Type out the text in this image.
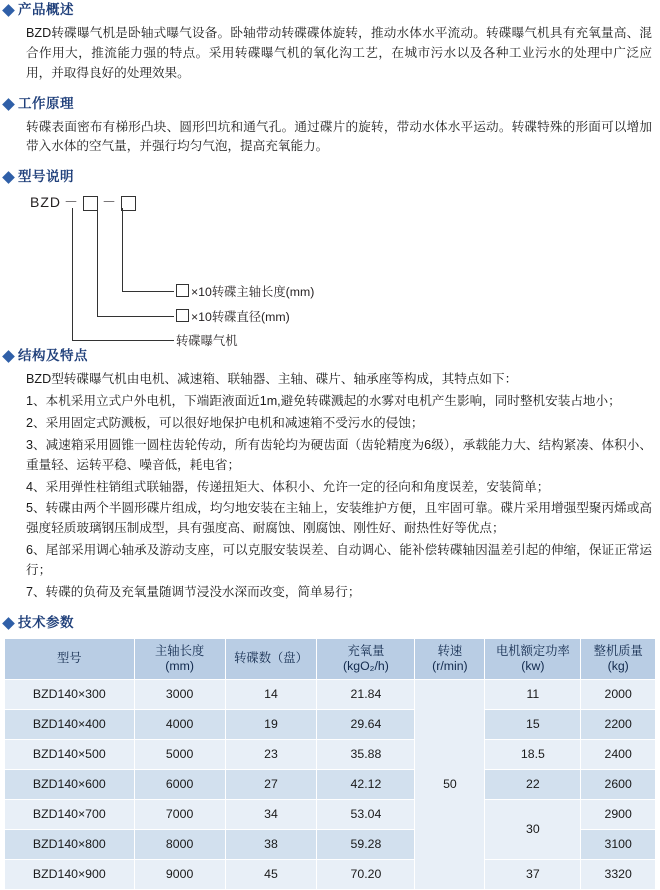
产品概述

BZD转碟曝气机是卧轴式曝气设备。卧轴带动转碟碟体旋转，推动水体水平流动。转碟曝气机具有充氧量高、混合作用大，推流能力强的特点。采用转碟曝气机的氧化沟工艺，在城市污水以及各种工业污水的处理中广泛应用，并取得良好的处理效果。

工作原理

转碟表面密布有梯形凸块、圆形凹坑和通气孔。通过碟片的旋转，带动水体水平运动。转碟特殊的形面可以增加带入水体的空气量，并强行均匀气泡，提高充氧能力。

型号说明
BZD － －
×10转碟主轴长度(mm)
×10转碟直径(mm)
转碟曝气机
结构及特点

BZD型转碟曝气机由电机、减速箱、联轴器、主轴、碟片、轴承座等构成，其特点如下：

1、本机采用立式户外电机，下端距液面近1m,避免转碟溅起的水雾对电机产生影响，同时整机安装占地小；

2、采用固定式防溅板，可以很好地保护电机和减速箱不受污水的侵蚀；

3、减速箱采用圆锥一圆柱齿轮传动，所有齿轮均为硬齿面（齿轮精度为6级），承载能力大、结构紧凑、体积小、重量轻、运转平稳、噪音低，耗电省；

4、采用弹性柱销组式联轴器，传递扭矩大、体积小、允许一定的径向和角度误差，安装简单；

5、转碟由两个半圆形碟片组成，均匀地安装在主轴上，安装维护方便，且牢固可靠。碟片采用增强型聚丙烯或高强度轻质玻璃钢压制成型，具有强度高、耐腐蚀、刚腐蚀、刚性好、耐热性好等优点；

6、尾部采用调心轴承及游动支座，可以克服安装误差、自动调心、能补偿转碟轴因温差引起的伸缩，保证正常运行；

7、转碟的负荷及充氧量随调节浸没水深而改变，简单易行；

技术参数
型号	主轴长度
(mm)	转碟数（盘）	充氧量
(kgO₂/h)	转速
(r/min)	电机额定功率
(kw)	整机质量
(kg)

BZD140×300	3000	14	21.84	50	11	2000
BZD140×400	4000	19	29.64		15	2200
BZD140×500	5000	23	35.88		18.5	2400
BZD140×600	6000	27	42.12		22	2600
BZD140×700	7000	34	53.04		30	2900
BZD140×800	8000	38	59.28			3100
BZD140×900	9000	45	70.20		37	3320
